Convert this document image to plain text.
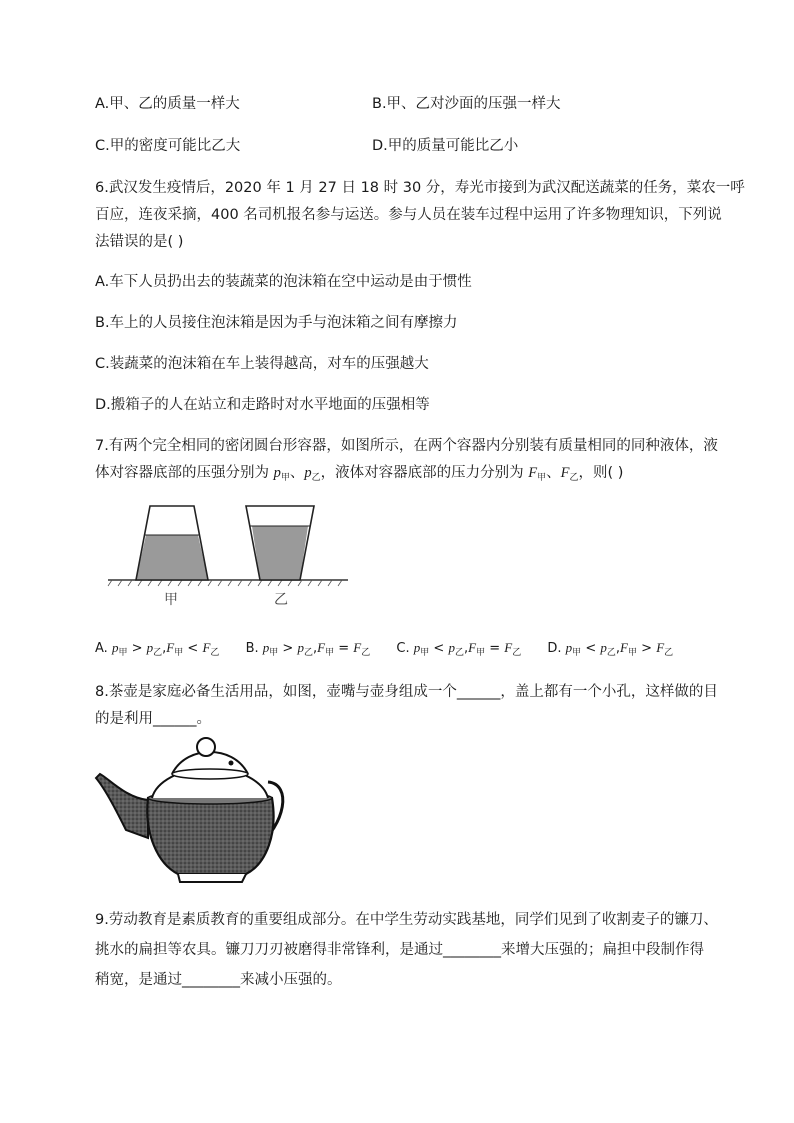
A.甲、乙的质量一样大	B.甲、乙对沙面的压强一样大
C.甲的密度可能比乙大	D.甲的质量可能比乙小
6.武汉发生疫情后，2020 年 1 月 27 日 18 时 30 分，寿光市接到为武汉配送蔬菜的任务，菜农一呼
百应，连夜采摘，400 名司机报名参与运送。参与人员在装车过程中运用了许多物理知识，下列说
法错误的是( )
A.车下人员扔出去的装蔬菜的泡沫箱在空中运动是由于惯性
B.车上的人员接住泡沫箱是因为手与泡沫箱之间有摩擦力
C.装蔬菜的泡沫箱在车上装得越高，对车的压强越大
D.搬箱子的人在站立和走路时对水平地面的压强相等
7.有两个完全相同的密闭圆台形容器，如图所示，在两个容器内分别装有质量相同的同种液体，液
体对容器底部的压强分别为 $p_甲$、$p_乙$，液体对容器底部的压力分别为 $F_甲$、$F_乙$，则( )
甲	乙
A. $p_甲 > p_乙,F_甲 < F_乙$ B. $p_甲 > p_乙,F_甲 = F_乙$ C. $p_甲 < p_乙,F_甲 = F_乙$ D. $p_甲 < p_乙,F_甲 > F_乙$
8.茶壶是家庭必备生活用品，如图，壶嘴与壶身组成一个______，盖上都有一个小孔，这样做的目
的是利用______。
9.劳动教育是素质教育的重要组成部分。在中学生劳动实践基地，同学们见到了收割麦子的镰刀、
挑水的扁担等农具。镰刀刀刃被磨得非常锋利，是通过________来增大压强的；扁担中段制作得
稍宽，是通过________来减小压强的。
